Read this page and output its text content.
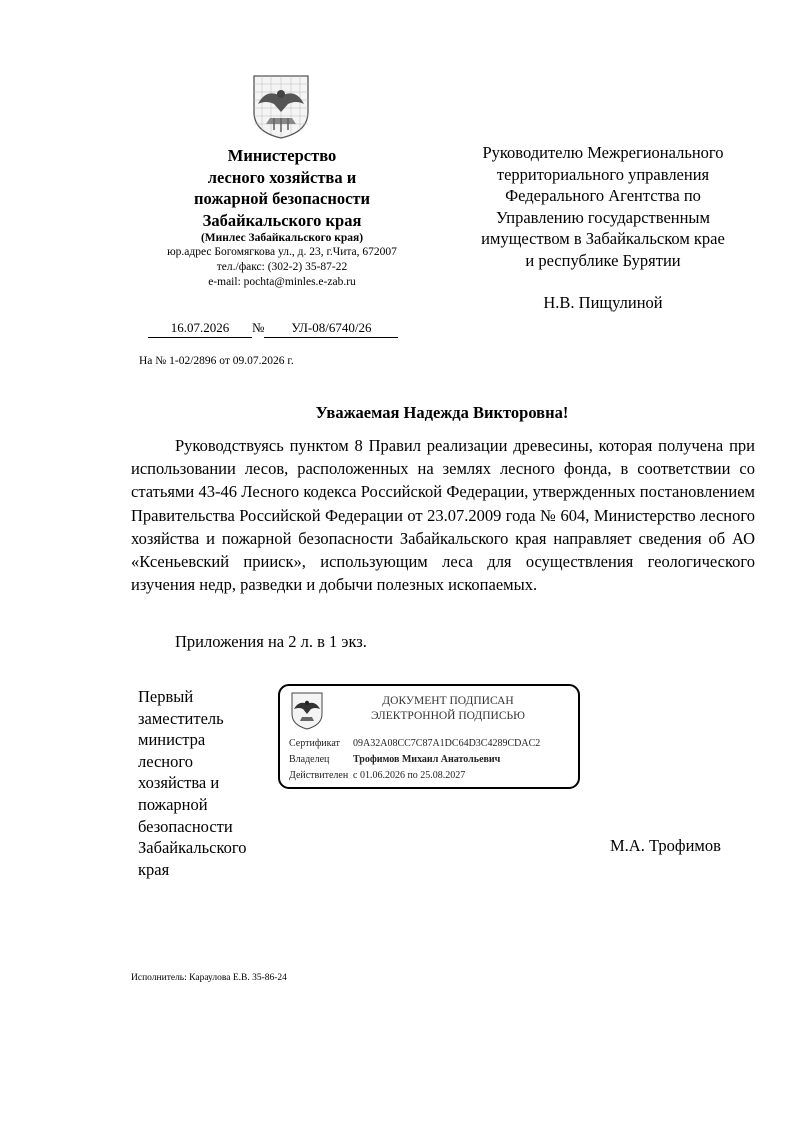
Министерство
лесного хозяйства и
пожарной безопасности
Забайкальского края
(Минлес Забайкальского края)
юр.адрес Богомягкова ул., д. 23, г.Чита, 672007
тел./факс: (302-2) 35-87-22
e-mail: pochta@minles.e-zab.ru
Руководителю Межрегионального
территориального управления
Федерального Агентства по
Управлению государственным
имуществом в Забайкальском крае
и республике Бурятии
Н.В. Пищулиной
16.07.2026 № УЛ-08/6740/26
На № 1-02/2896 от 09.07.2026 г.
Уважаемая Надежда Викторовна!
Руководствуясь пунктом 8 Правил реализации древесины, которая получена при использовании лесов, расположенных на землях лесного фонда, в соответствии со статьями 43-46 Лесного кодекса Российской Федерации, утвержденных постановлением Правительства Российской Федерации от 23.07.2009 года № 604, Министерство лесного хозяйства и пожарной безопасности Забайкальского края направляет сведения об АО «Ксеньевский прииск», использующим леса для осуществления геологического изучения недр, разведки и добычи полезных ископаемых.
Приложения на 2 л. в 1 экз.
Первый
заместитель
министра
лесного
хозяйства и
пожарной
безопасности
Забайкальского
края
ДОКУМЕНТ ПОДПИСАН
ЭЛЕКТРОННОЙ ПОДПИСЬЮ
Сертификат 09A32A08CC7C87A1DC64D3C4289CDAC2
Владелец Трофимов Михаил Анатольевич
Действителен с 01.06.2026 по 25.08.2027
М.А. Трофимов
Исполнитель: Караулова Е.В. 35-86-24
